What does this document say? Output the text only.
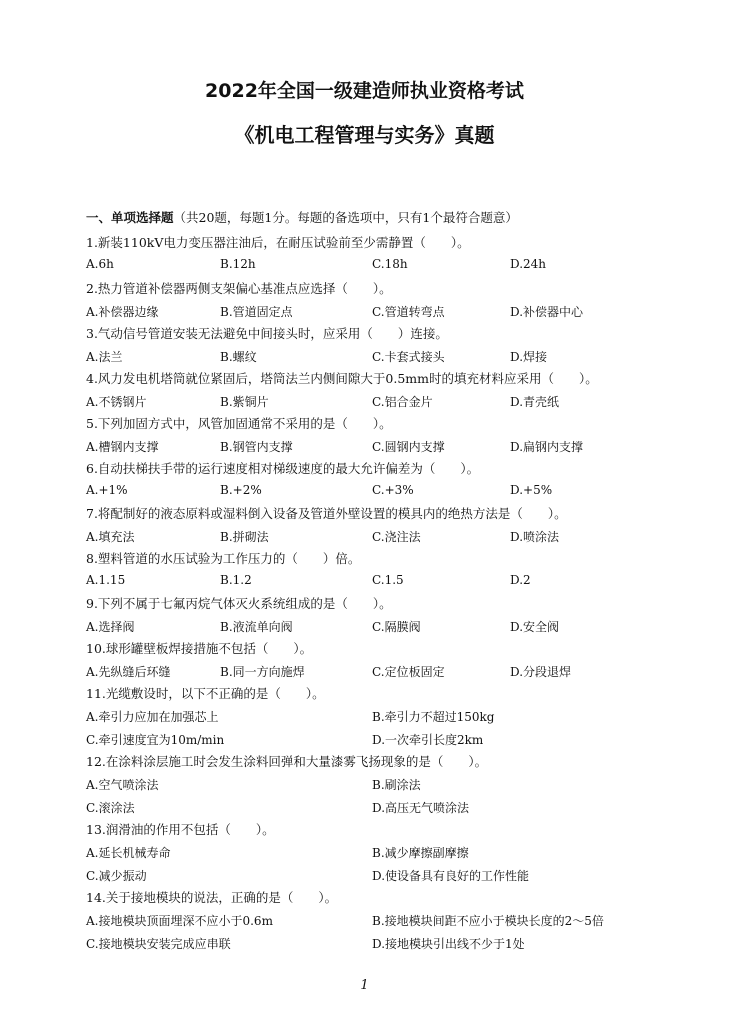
2022年全国一级建造师执业资格考试
《机电工程管理与实务》真题
一、单项选择题（共20题，每题1分。每题的备选项中，只有1个最符合题意）
1.新装110kV电力变压器注油后，在耐压试验前至少需静置（　　）。
A.6h	B.12h	C.18h	D.24h
2.热力管道补偿器两侧支架偏心基准点应选择（　　）。
A.补偿器边缘	B.管道固定点	C.管道转弯点	D.补偿器中心
3.气动信号管道安装无法避免中间接头时，应采用（　　）连接。
A.法兰	B.螺纹	C.卡套式接头	D.焊接
4.风力发电机塔筒就位紧固后，塔筒法兰内侧间隙大于0.5mm时的填充材料应采用（　　）。
A.不锈钢片	B.紫铜片	C.铝合金片	D.青壳纸
5.下列加固方式中，风管加固通常不采用的是（　　）。
A.槽钢内支撑	B.钢管内支撑	C.圆钢内支撑	D.扁钢内支撑
6.自动扶梯扶手带的运行速度相对梯级速度的最大允许偏差为（　　）。
A.+1%	B.+2%	C.+3%	D.+5%
7.将配制好的液态原料或湿料倒入设备及管道外壁设置的模具内的绝热方法是（　　）。
A.填充法	B.拼砌法	C.浇注法	D.喷涂法
8.塑料管道的水压试验为工作压力的（　　）倍。
A.1.15	B.1.2	C.1.5	D.2
9.下列不属于七氟丙烷气体灭火系统组成的是（　　）。
A.选择阀	B.液流单向阀	C.隔膜阀	D.安全阀
10.球形罐壁板焊接措施不包括（　　）。
A.先纵缝后环缝	B.同一方向施焊	C.定位板固定	D.分段退焊
11.光缆敷设时，以下不正确的是（　　）。
A.牵引力应加在加强芯上	B.牵引力不超过150kg
C.牵引速度宜为10m/min	D.一次牵引长度2km
12.在涂料涂层施工时会发生涂料回弹和大量漆雾飞扬现象的是（　　）。
A.空气喷涂法	B.刷涂法
C.滚涂法	D.高压无气喷涂法
13.润滑油的作用不包括（　　）。
A.延长机械寿命	B.减少摩擦副摩擦
C.减少振动	D.使设备具有良好的工作性能
14.关于接地模块的说法，正确的是（　　）。
A.接地模块顶面埋深不应小于0.6m	B.接地模块间距不应小于模块长度的2～5倍
C.接地模块安装完成应串联	D.接地模块引出线不少于1处
1
